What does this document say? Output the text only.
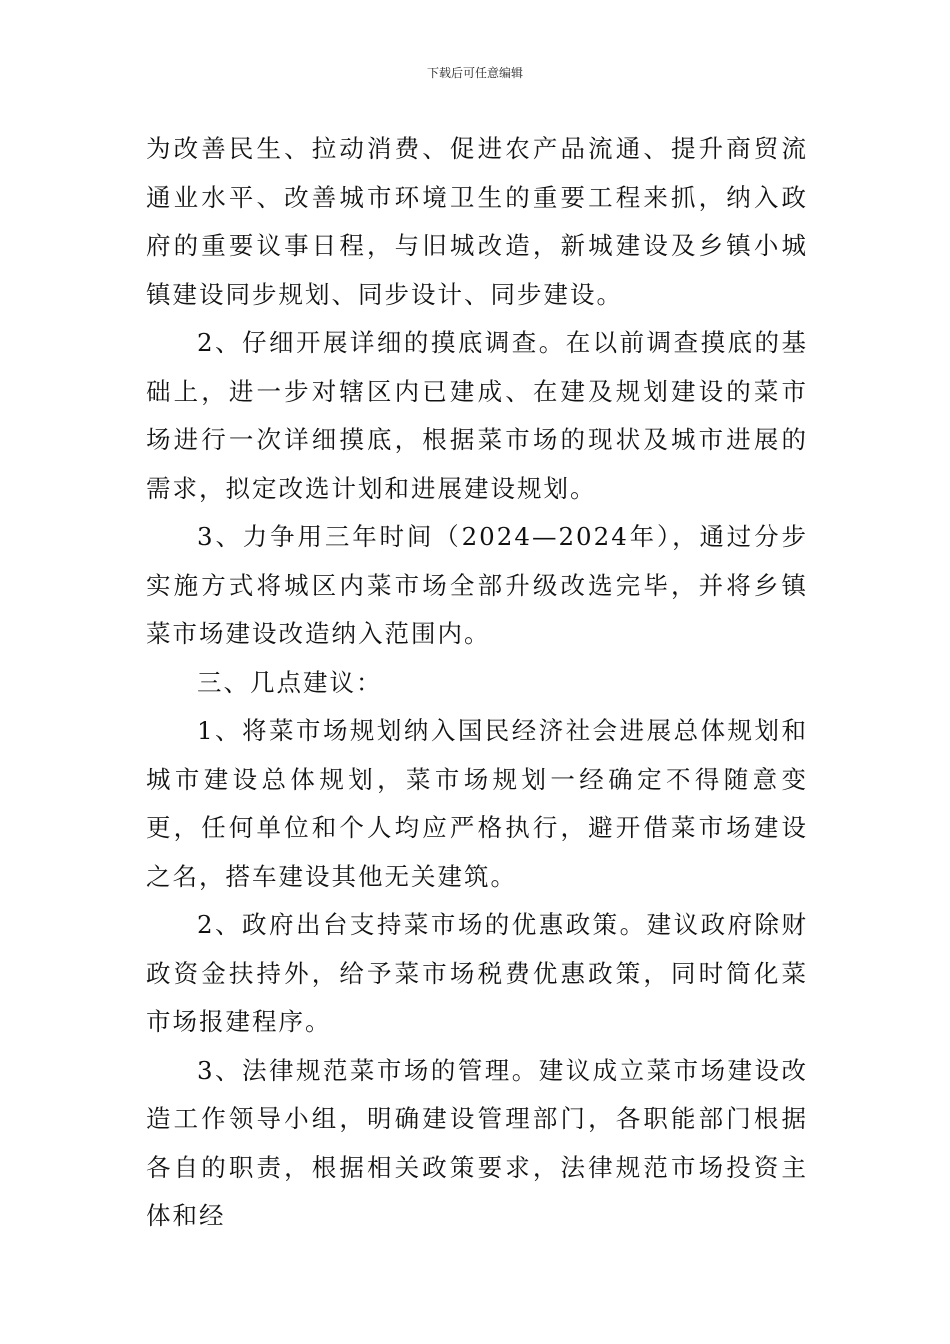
下载后可任意编辑

为改善民生、拉动消费、促进农产品流通、提升商贸流通业水平、改善城市环境卫生的重要工程来抓，纳入政府的重要议事日程，与旧城改造，新城建设及乡镇小城镇建设同步规划、同步设计、同步建设。

2、仔细开展详细的摸底调查。在以前调查摸底的基础上，进一步对辖区内已建成、在建及规划建设的菜市场进行一次详细摸底，根据菜市场的现状及城市进展的需求，拟定改选计划和进展建设规划。

3、力争用三年时间（2024—2024年），通过分步实施方式将城区内菜市场全部升级改选完毕，并将乡镇菜市场建设改造纳入范围内。

三、几点建议：

1、将菜市场规划纳入国民经济社会进展总体规划和城市建设总体规划，菜市场规划一经确定不得随意变更，任何单位和个人均应严格执行，避开借菜市场建设之名，搭车建设其他无关建筑。

2、政府出台支持菜市场的优惠政策。建议政府除财政资金扶持外，给予菜市场税费优惠政策，同时简化菜市场报建程序。

3、法律规范菜市场的管理。建议成立菜市场建设改造工作领导小组，明确建设管理部门，各职能部门根据各自的职责，根据相关政策要求，法律规范市场投资主体和经
